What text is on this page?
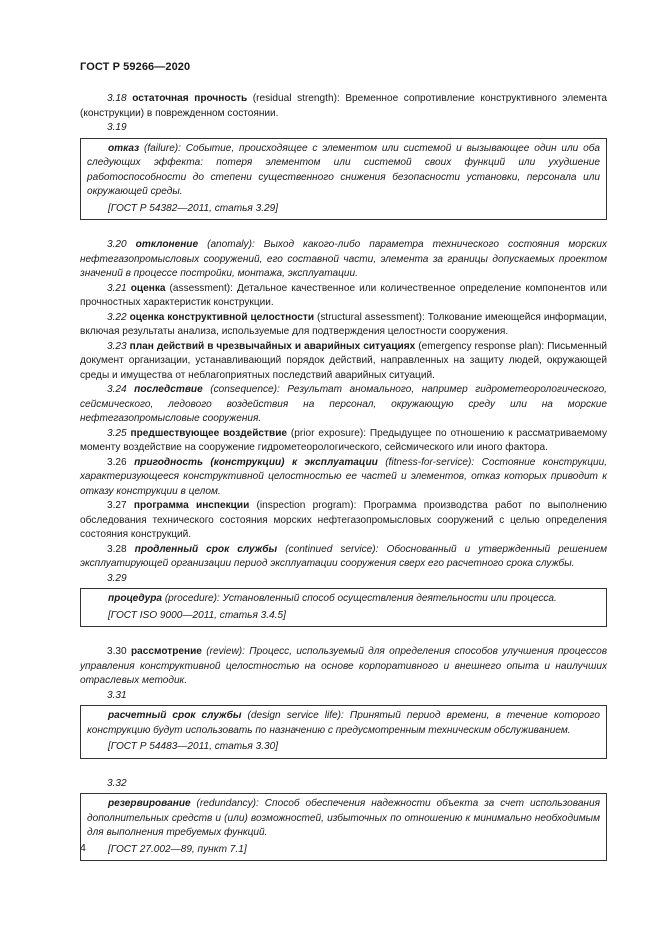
ГОСТ Р 59266—2020

3.18 остаточная прочность (residual strength): Временное сопротивление конструктивного элемента (конструкции) в поврежденном состоянии.

3.19

отказ (failure): Событие, происходящее с элементом или системой и вызывающее один или оба следующих эффекта: потеря элементом или системой своих функций или ухудшение работоспособности до степени существенного снижения безопасности установки, персонала или окружающей среды.

[ГОСТ Р 54382—2011, статья 3.29]

3.20 отклонение (anomaly): Выход какого-либо параметра технического состояния морских нефтегазопромысловых сооружений, его составной части, элемента за границы допускаемых проектом значений в процессе постройки, монтажа, эксплуатации.

3.21 оценка (assessment): Детальное качественное или количественное определение компонентов или прочностных характеристик конструкции.

3.22 оценка конструктивной целостности (structural assessment): Толкование имеющейся информации, включая результаты анализа, используемые для подтверждения целостности сооружения.

3.23 план действий в чрезвычайных и аварийных ситуациях (emergency response plan): Письменный документ организации, устанавливающий порядок действий, направленных на защиту людей, окружающей среды и имущества от неблагоприятных последствий аварийных ситуаций.

3.24 последствие (consequence): Результат аномального, например гидрометеорологического, сейсмического, ледового воздействия на персонал, окружающую среду или на морские нефтегазопромысловые сооружения.

3.25 предшествующее воздействие (prior exposure): Предыдущее по отношению к рассматриваемому моменту воздействие на сооружение гидрометеорологического, сейсмического или иного фактора.

3.26 пригодность (конструкции) к эксплуатации (fitness-for-service): Состояние конструкции, характеризующееся конструктивной целостностью ее частей и элементов, отказ которых приводит к отказу конструкции в целом.

3.27 программа инспекции (inspection program): Программа производства работ по выполнению обследования технического состояния морских нефтегазопромысловых сооружений с целью определения состояния конструкций.

3.28 продленный срок службы (continued service): Обоснованный и утвержденный решением эксплуатирующей организации период эксплуатации сооружения сверх его расчетного срока службы.

3.29

процедура (procedure): Установленный способ осуществления деятельности или процесса.

[ГОСТ ISO 9000—2011, статья 3.4.5]

3.30 рассмотрение (review): Процесс, используемый для определения способов улучшения процессов управления конструктивной целостностью на основе корпоративного и внешнего опыта и наилучших отраслевых методик.

3.31

расчетный срок службы (design service life): Принятый период времени, в течение которого конструкцию будут использовать по назначению с предусмотренным техническим обслуживанием.

[ГОСТ Р 54483—2011, статья 3.30]

3.32

резервирование (redundancy): Способ обеспечения надежности объекта за счет использования дополнительных средств и (или) возможностей, избыточных по отношению к минимально необходимым для выполнения требуемых функций.

[ГОСТ 27.002—89, пункт 7.1]

4
